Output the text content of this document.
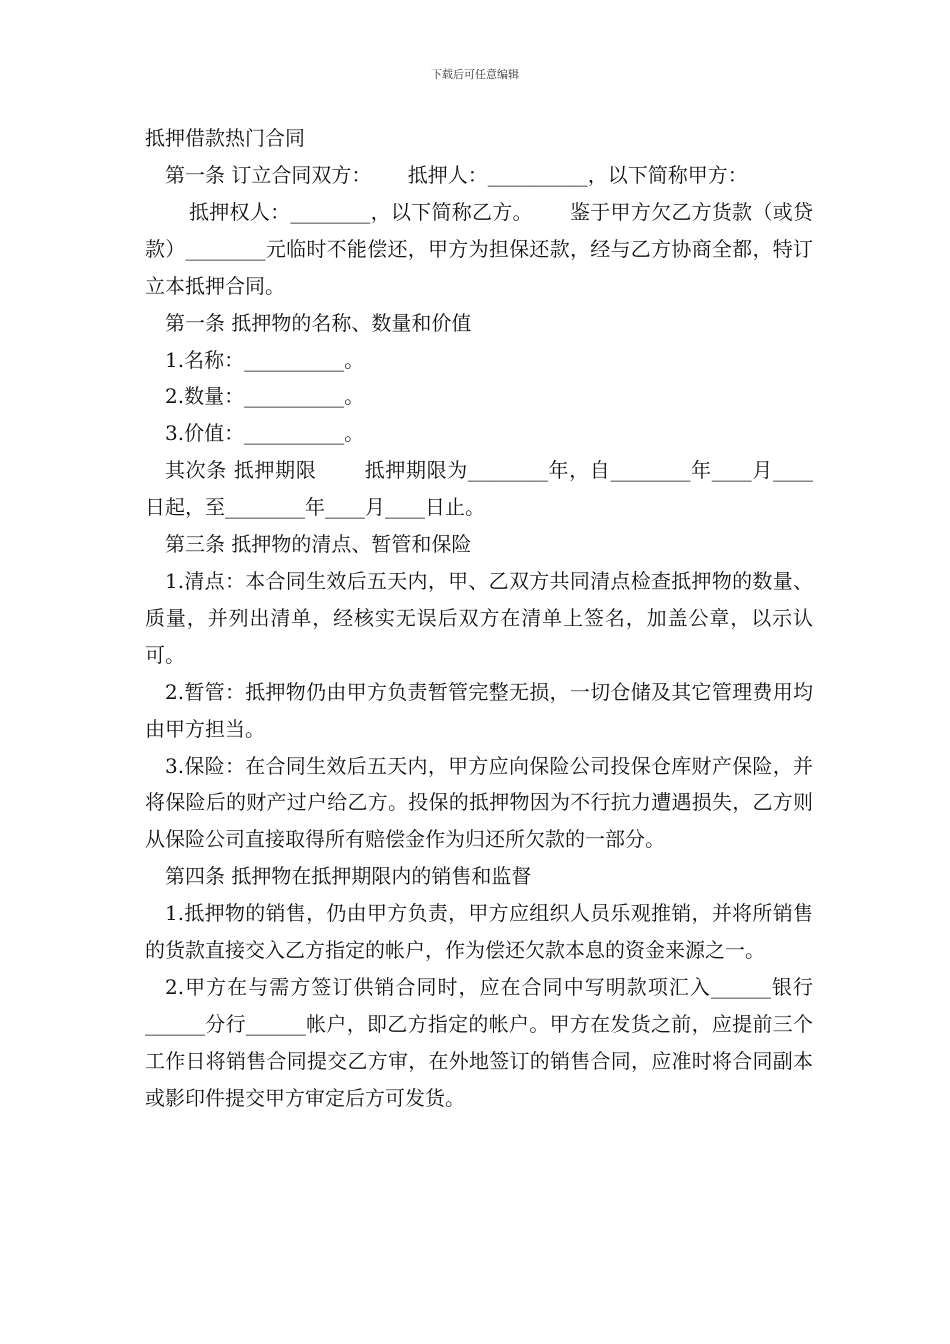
下载后可任意编辑
抵押借款热门合同

第一条 订立合同双方：　　 抵押人：__________，以下简称甲方：

抵押权人：________，以下简称乙方。　　 鉴于甲方欠乙方货款（或贷款）________元临时不能偿还，甲方为担保还款，经与乙方协商全都，特订立本抵押合同。

第一条 抵押物的名称、数量和价值

1.名称：__________。

2.数量：__________。

3.价值：__________。

其次条 抵押期限　　 抵押期限为________年，自________年____月____日起，至________年____月____日止。

第三条 抵押物的清点、暂管和保险

1.清点：本合同生效后五天内，甲、乙双方共同清点检查抵押物的数量、质量，并列出清单，经核实无误后双方在清单上签名，加盖公章，以示认可。

2.暂管：抵押物仍由甲方负责暂管完整无损，一切仓储及其它管理费用均由甲方担当。

3.保险：在合同生效后五天内，甲方应向保险公司投保仓库财产保险，并将保险后的财产过户给乙方。投保的抵押物因为不行抗力遭遇损失，乙方则从保险公司直接取得所有赔偿金作为归还所欠款的一部分。

第四条 抵押物在抵押期限内的销售和监督

1.抵押物的销售，仍由甲方负责，甲方应组织人员乐观推销，并将所销售的货款直接交入乙方指定的帐户，作为偿还欠款本息的资金来源之一。

2.甲方在与需方签订供销合同时，应在合同中写明款项汇入______银行______分行______帐户，即乙方指定的帐户。甲方在发货之前，应提前三个工作日将销售合同提交乙方审，在外地签订的销售合同，应准时将合同副本或影印件提交甲方审定后方可发货。
